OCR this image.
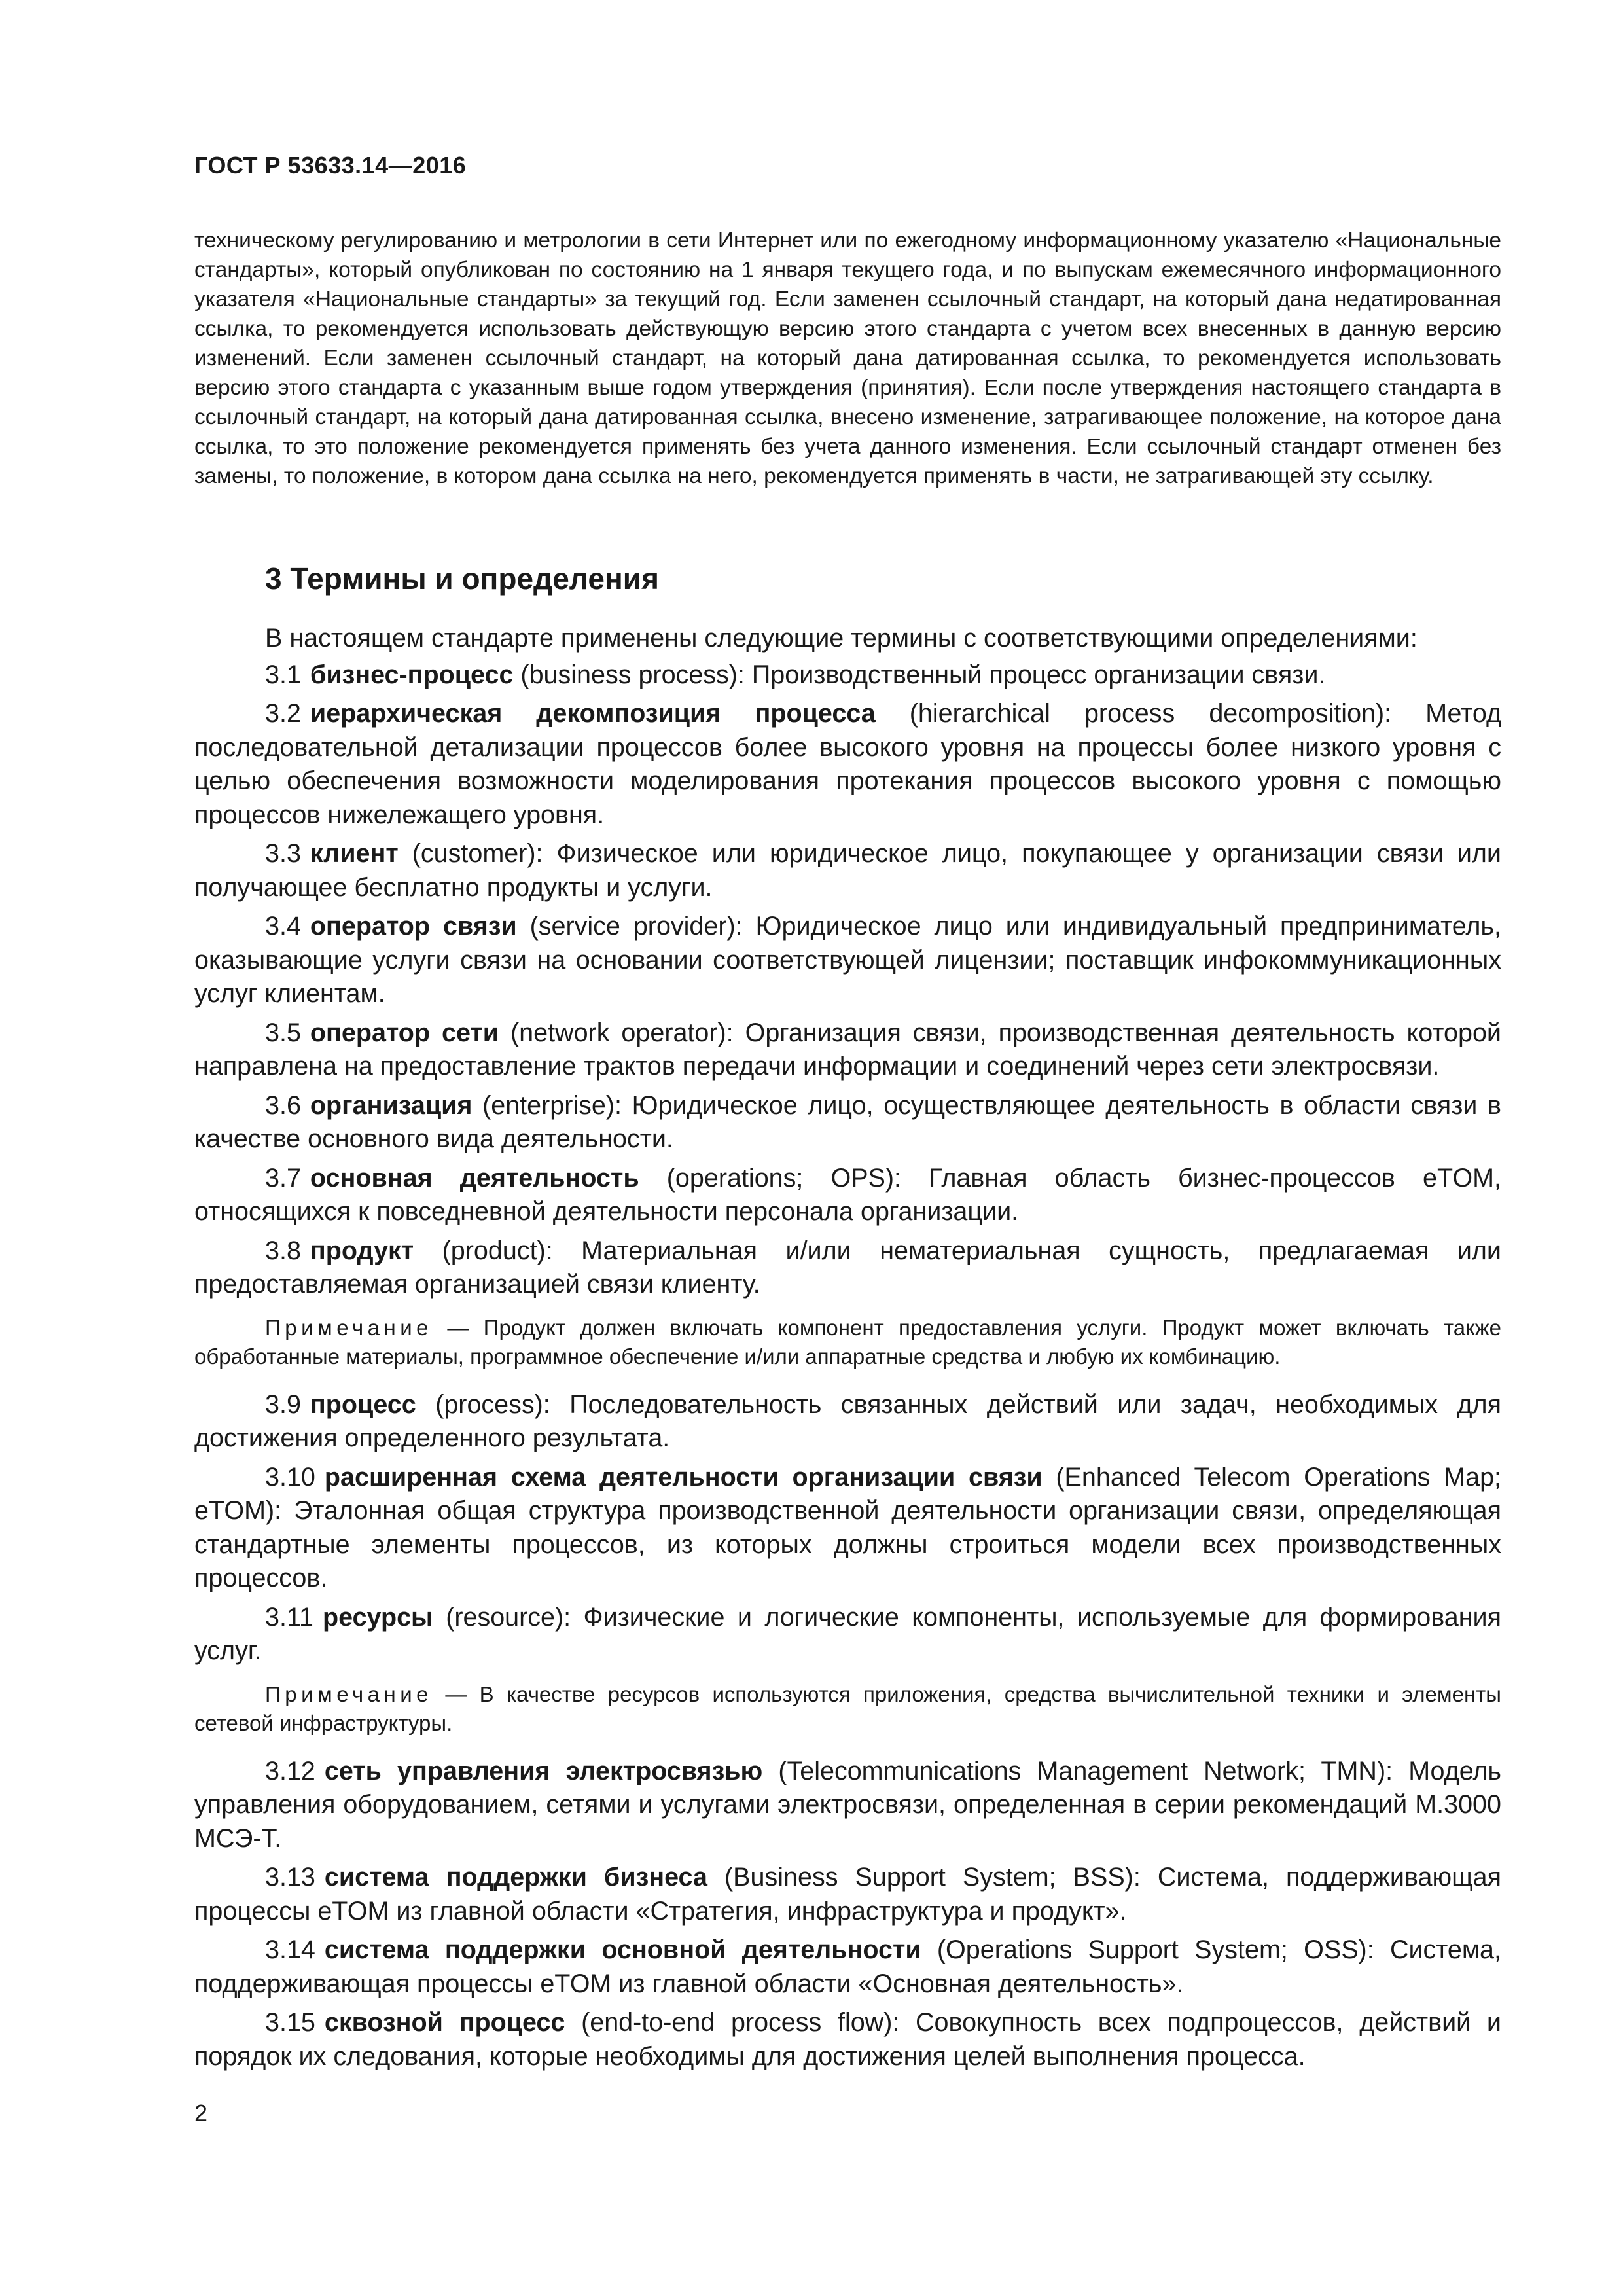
ГОСТ Р 53633.14—2016
техническому регулированию и метрологии в сети Интернет или по ежегодному информационному указателю «Национальные стандарты», который опубликован по состоянию на 1 января текущего года, и по выпускам ежемесячного информационного указателя «Национальные стандарты» за текущий год. Если заменен ссылочный стандарт, на который дана недатированная ссылка, то рекомендуется использовать действующую версию этого стандарта с учетом всех внесенных в данную версию изменений. Если заменен ссылочный стандарт, на который дана датированная ссылка, то рекомендуется использовать версию этого стандарта с указанным выше годом утверждения (принятия). Если после утверждения настоящего стандарта в ссылочный стандарт, на который дана датированная ссылка, внесено изменение, затрагивающее положение, на которое дана ссылка, то это положение рекомендуется применять без учета данного изменения. Если ссылочный стандарт отменен без замены, то положение, в котором дана ссылка на него, рекомендуется применять в части, не затрагивающей эту ссылку.
3 Термины и определения

В настоящем стандарте применены следующие термины с соответствующими определениями:

3.1 бизнес-процесс (business process): Производственный процесс организации связи.

3.2 иерархическая декомпозиция процесса (hierarchical process decomposition): Метод последовательной детализации процессов более высокого уровня на процессы более низкого уровня с целью обеспечения возможности моделирования протекания процессов высокого уровня с помощью процессов нижележащего уровня.

3.3 клиент (customer): Физическое или юридическое лицо, покупающее у организации связи или получающее бесплатно продукты и услуги.

3.4 оператор связи (service provider): Юридическое лицо или индивидуальный предприниматель, оказывающие услуги связи на основании соответствующей лицензии; поставщик инфокоммуникационных услуг клиентам.

3.5 оператор сети (network operator): Организация связи, производственная деятельность которой направлена на предоставление трактов передачи информации и соединений через сети электросвязи.

3.6 организация (enterprise): Юридическое лицо, осуществляющее деятельность в области связи в качестве основного вида деятельности.

3.7 основная деятельность (operations; OPS): Главная область бизнес-процессов eTOM, относящихся к повседневной деятельности персонала организации.

3.8 продукт (product): Материальная и/или нематериальная сущность, предлагаемая или предоставляемая организацией связи клиенту.

Примечание — Продукт должен включать компонент предоставления услуги. Продукт может включать также обработанные материалы, программное обеспечение и/или аппаратные средства и любую их комбинацию.

3.9 процесс (process): Последовательность связанных действий или задач, необходимых для достижения определенного результата.

3.10 расширенная схема деятельности организации связи (Enhanced Telecom Operations Map; eTOM): Эталонная общая структура производственной деятельности организации связи, определяющая стандартные элементы процессов, из которых должны строиться модели всех производственных процессов.

3.11 ресурсы (resource): Физические и логические компоненты, используемые для формирования услуг.

Примечание — В качестве ресурсов используются приложения, средства вычислительной техники и элементы сетевой инфраструктуры.

3.12 сеть управления электросвязью (Telecommunications Management Network; TMN): Модель управления оборудованием, сетями и услугами электросвязи, определенная в серии рекомендаций М.3000 МСЭ-Т.

3.13 система поддержки бизнеса (Business Support System; BSS): Система, поддерживающая процессы eTOM из главной области «Стратегия, инфраструктура и продукт».

3.14 система поддержки основной деятельности (Operations Support System; OSS): Система, поддерживающая процессы eTOM из главной области «Основная деятельность».

3.15 сквозной процесс (end-to-end process flow): Совокупность всех подпроцессов, действий и порядок их следования, которые необходимы для достижения целей выполнения процесса.

2
